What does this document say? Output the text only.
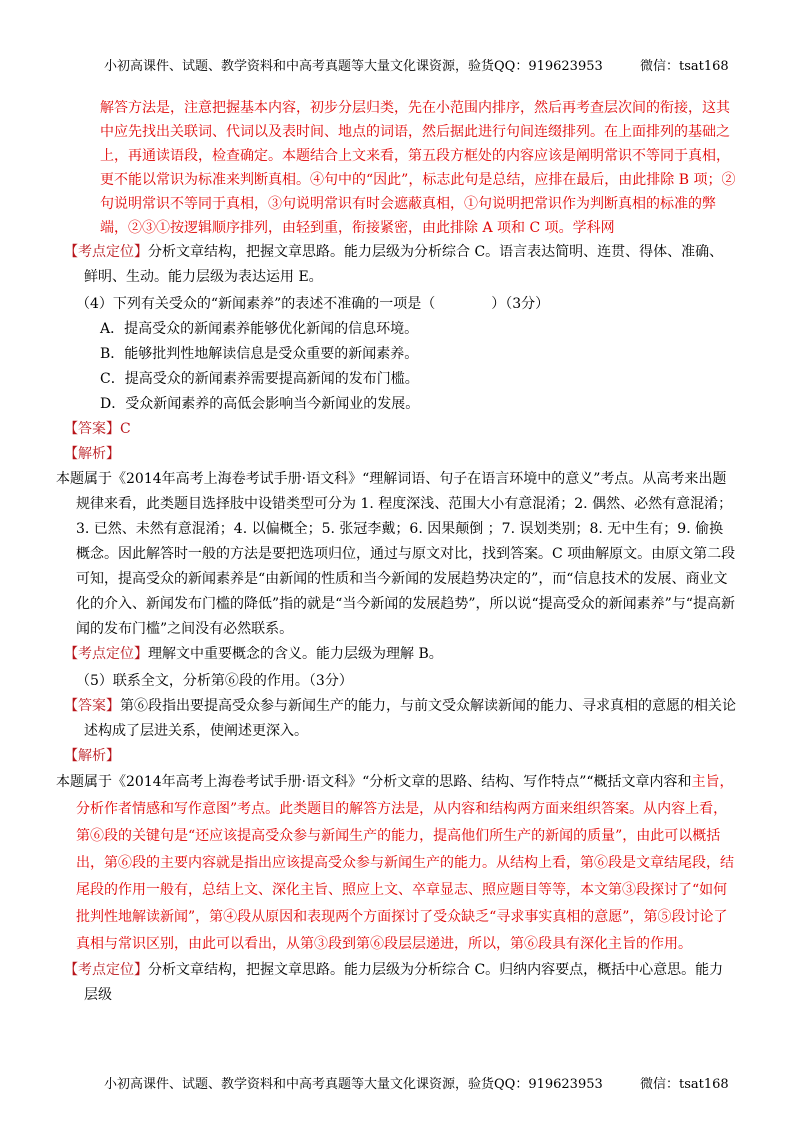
小初高课件、试题、教学资料和中高考真题等大量文化课资源，验货QQ：919623953	微信：tsat168

解答方法是，注意把握基本内容，初步分层归类，先在小范围内排序，然后再考查层次间的衔接，这其中应先找出关联词、代词以及表时间、地点的词语，然后据此进行句间连缀排列。在上面排列的基础之上，再通读语段，检查确定。本题结合上文来看，第五段方框处的内容应该是阐明常识不等同于真相，更不能以常识为标准来判断真相。④句中的“因此”，标志此句是总结，应排在最后，由此排除 B 项；②句说明常识不等同于真相，③句说明常识有时会遮蔽真相，①句说明把常识作为判断真相的标准的弊端，②③①按逻辑顺序排列，由轻到重，衔接紧密，由此排除 A 项和 C 项。学科网

【考点定位】分析文章结构，把握文章思路。能力层级为分析综合 C。语言表达简明、连贯、得体、准确、鲜明、生动。能力层级为表达运用 E。

（4）下列有关受众的“新闻素养”的表述不准确的一项是（　　　　）（3分）

A．提高受众的新闻素养能够优化新闻的信息环境。

B．能够批判性地解读信息是受众重要的新闻素养。

C．提高受众的新闻素养需要提高新闻的发布门槛。

D．受众新闻素养的高低会影响当今新闻业的发展。

【答案】C

【解析】

本题属于《2014年高考上海卷考试手册·语文科》“理解词语、句子在语言环境中的意义”考点。从高考来出题规律来看，此类题目选择肢中设错类型可分为 1. 程度深浅、范围大小有意混淆；2. 偶然、必然有意混淆；3. 已然、未然有意混淆；4. 以偏概全；5. 张冠李戴；6. 因果颠倒 ；7. 误划类别；8. 无中生有；9. 偷换概念。因此解答时一般的方法是要把选项归位，通过与原文对比，找到答案。C 项曲解原文。由原文第二段可知，提高受众的新闻素养是“由新闻的性质和当今新闻的发展趋势决定的”，而“信息技术的发展、商业文化的介入、新闻发布门槛的降低”指的就是“当今新闻的发展趋势”，所以说“提高受众的新闻素养”与“提高新闻的发布门槛”之间没有必然联系。

【考点定位】理解文中重要概念的含义。能力层级为理解 B。

（5）联系全文，分析第⑥段的作用。（3分）

【答案】第⑥段指出要提高受众参与新闻生产的能力，与前文受众解读新闻的能力、寻求真相的意愿的相关论述构成了层进关系，使阐述更深入。

【解析】

本题属于《2014年高考上海卷考试手册·语文科》“分析文章的思路、结构、写作特点”“概括文章内容和主旨，分析作者情感和写作意图”考点。此类题目的解答方法是，从内容和结构两方面来组织答案。从内容上看，第⑥段的关键句是“还应该提高受众参与新闻生产的能力，提高他们所生产的新闻的质量”，由此可以概括出，第⑥段的主要内容就是指出应该提高受众参与新闻生产的能力。从结构上看，第⑥段是文章结尾段，结尾段的作用一般有，总结上文、深化主旨、照应上文、卒章显志、照应题目等等，本文第③段探讨了“如何批判性地解读新闻”，第④段从原因和表现两个方面探讨了受众缺乏“寻求事实真相的意愿”，第⑤段讨论了真相与常识区别，由此可以看出，从第③段到第⑥段层层递进，所以，第⑥段具有深化主旨的作用。

【考点定位】分析文章结构，把握文章思路。能力层级为分析综合 C。归纳内容要点，概括中心意思。能力层级

小初高课件、试题、教学资料和中高考真题等大量文化课资源，验货QQ：919623953	微信：tsat168
